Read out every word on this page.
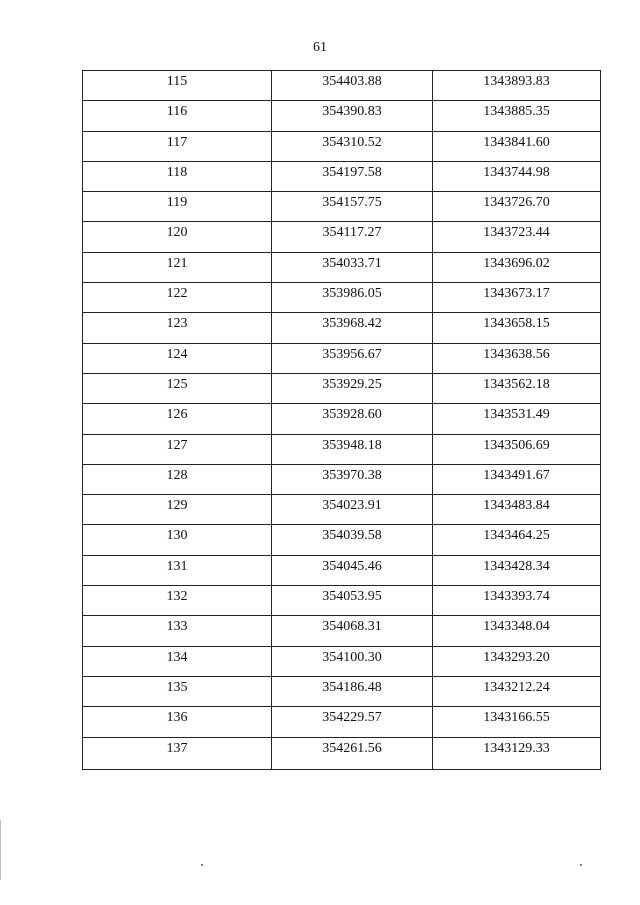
61
115	354403.88	1343893.83
116	354390.83	1343885.35
117	354310.52	1343841.60
118	354197.58	1343744.98
119	354157.75	1343726.70
120	354117.27	1343723.44
121	354033.71	1343696.02
122	353986.05	1343673.17
123	353968.42	1343658.15
124	353956.67	1343638.56
125	353929.25	1343562.18
126	353928.60	1343531.49
127	353948.18	1343506.69
128	353970.38	1343491.67
129	354023.91	1343483.84
130	354039.58	1343464.25
131	354045.46	1343428.34
132	354053.95	1343393.74
133	354068.31	1343348.04
134	354100.30	1343293.20
135	354186.48	1343212.24
136	354229.57	1343166.55
137	354261.56	1343129.33
